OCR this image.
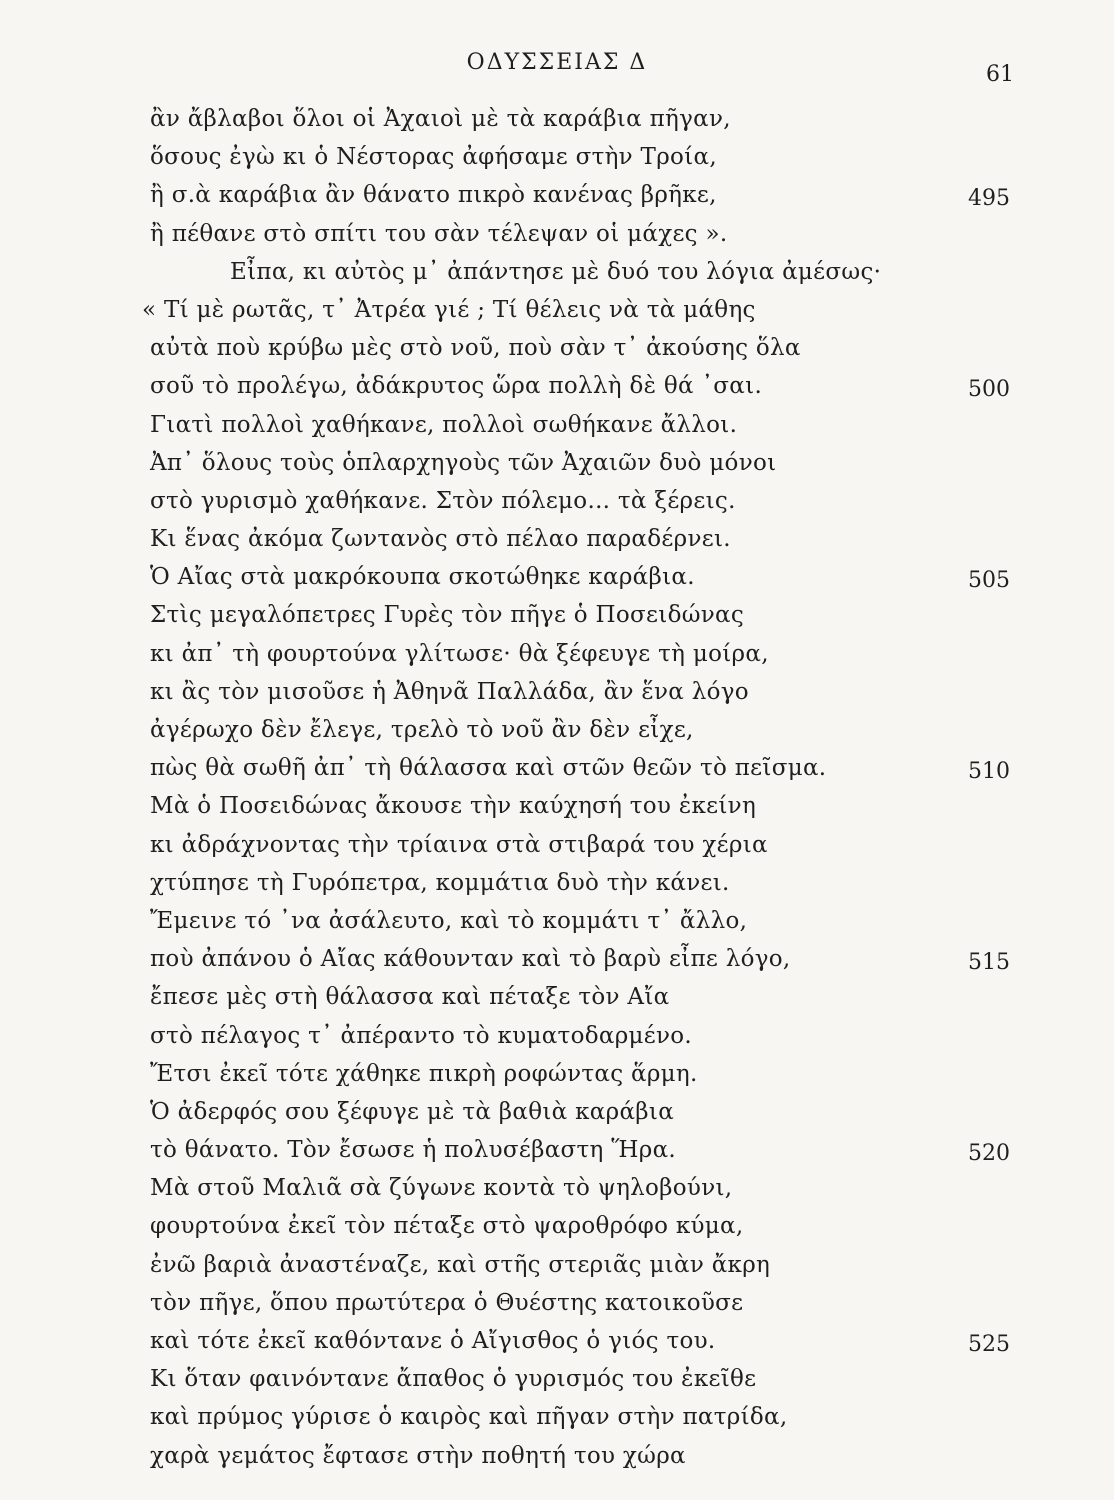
ΟΔΥΣΣΕΙΑΣ Δ	61
ἂν ἄβλαβοι ὅλοι οἱ Ἀχαιοὶ μὲ τὰ καράβια πῆγαν,
ὅσους ἐγὼ κι ὁ Νέστορας ἀφήσαμε στὴν Τροία,
ἢ σ.ὰ καράβια ἂν θάνατο πικρὸ κανένας βρῆκε,	495
ἢ πέθανε στὸ σπίτι του σὰν τέλεψαν οἱ μάχες ».
Εἶπα, κι αὐτὸς μ᾽ ἀπάντησε μὲ δυό του λόγια ἀμέσως·
« Τί μὲ ρωτᾶς, τ᾽ Ἀτρέα γιέ ; Τί θέλεις νὰ τὰ μάθης
αὐτὰ ποὺ κρύβω μὲς στὸ νοῦ, ποὺ σὰν τ᾽ ἀκούσης ὅλα
σοῦ τὸ προλέγω, ἀδάκρυτος ὥρα πολλὴ δὲ θά ᾽σαι.	500
Γιατὶ πολλοὶ χαθήκανε, πολλοὶ σωθήκανε ἄλλοι.
Ἀπ᾽ ὅλους τοὺς ὁπλαρχηγοὺς τῶν Ἀχαιῶν δυὸ μόνοι
στὸ γυρισμὸ χαθήκανε. Στὸν πόλεμο... τὰ ξέρεις.
Κι ἕνας ἀκόμα ζωντανὸς στὸ πέλαο παραδέρνει.
Ὁ Αἴας στὰ μακρόκουπα σκοτώθηκε καράβια.	505
Στὶς μεγαλόπετρες Γυρὲς τὸν πῆγε ὁ Ποσειδώνας
κι ἀπ᾽ τὴ φουρτούνα γλίτωσε· θὰ ξέφευγε τὴ μοίρα,
κι ἂς τὸν μισοῦσε ἡ Ἀθηνᾶ Παλλάδα, ἂν ἕνα λόγο
ἀγέρωχο δὲν ἔλεγε, τρελὸ τὸ νοῦ ἂν δὲν εἶχε,
πὼς θὰ σωθῆ ἀπ᾽ τὴ θάλασσα καὶ στῶν θεῶν τὸ πεῖσμα.	510
Μὰ ὁ Ποσειδώνας ἄκουσε τὴν καύχησή του ἐκείνη
κι ἀδράχνοντας τὴν τρίαινα στὰ στιβαρά του χέρια
χτύπησε τὴ Γυρόπετρα, κομμάτια δυὸ τὴν κάνει.
Ἔμεινε τό ᾽να ἀσάλευτο, καὶ τὸ κομμάτι τ᾽ ἄλλο,
ποὺ ἀπάνου ὁ Αἴας κάθουνταν καὶ τὸ βαρὺ εἶπε λόγο,	515
ἔπεσε μὲς στὴ θάλασσα καὶ πέταξε τὸν Αἴα
στὸ πέλαγος τ᾽ ἀπέραντο τὸ κυματοδαρμένο.
Ἔτσι ἐκεῖ τότε χάθηκε πικρὴ ροφώντας ἅρμη.
Ὁ ἀδερφός σου ξέφυγε μὲ τὰ βαθιὰ καράβια
τὸ θάνατο. Τὸν ἔσωσε ἡ πολυσέβαστη Ἥρα.	520
Μὰ στοῦ Μαλιᾶ σὰ ζύγωνε κοντὰ τὸ ψηλοβούνι,
φουρτούνα ἐκεῖ τὸν πέταξε στὸ ψαροθρόφο κύμα,
ἐνῶ βαριὰ ἀναστέναζε, καὶ στῆς στεριᾶς μιὰν ἄκρη
τὸν πῆγε, ὅπου πρωτύτερα ὁ Θυέστης κατοικοῦσε
καὶ τότε ἐκεῖ καθόντανε ὁ Αἴγισθος ὁ γιός του.	525
Κι ὅταν φαινόντανε ἄπαθος ὁ γυρισμός του ἐκεῖθε
καὶ πρύμος γύρισε ὁ καιρὸς καὶ πῆγαν στὴν πατρίδα,
χαρὰ γεμάτος ἔφτασε στὴν ποθητή του χώρα
